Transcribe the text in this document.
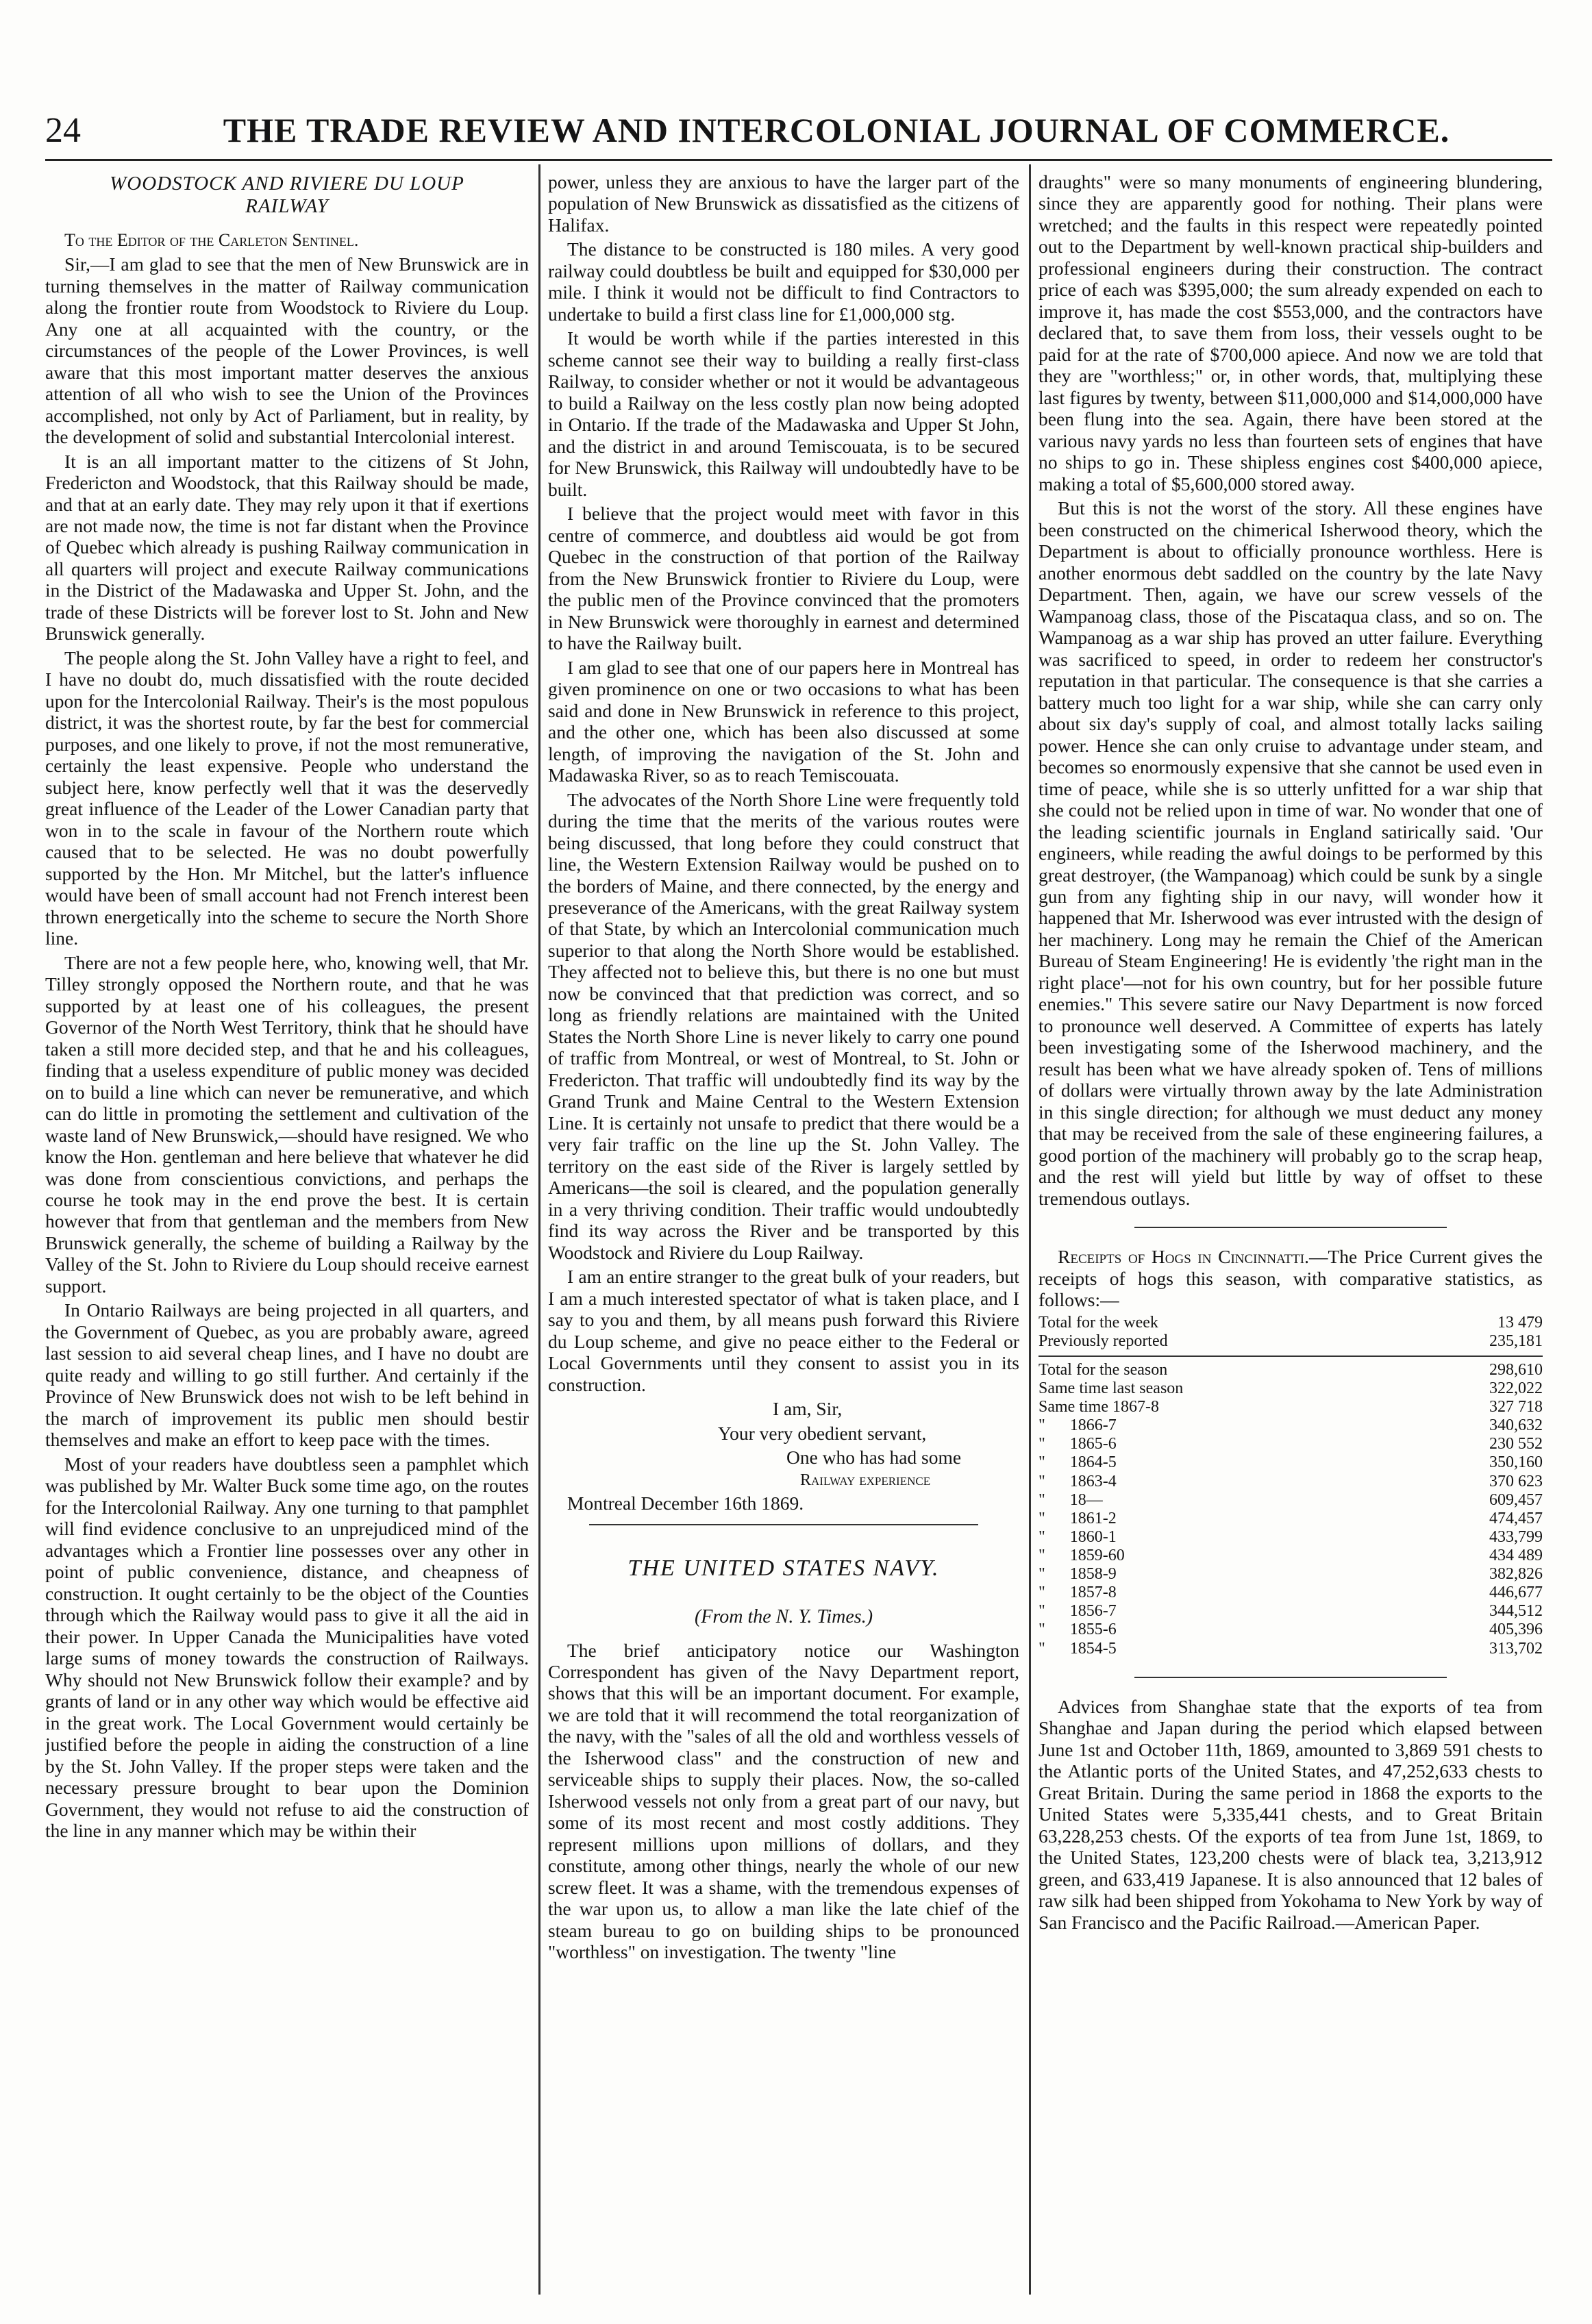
24	THE TRADE REVIEW AND INTERCOLONIAL JOURNAL OF COMMERCE.
WOODSTOCK AND RIVIERE DU LOUP
RAILWAY

To the Editor of the Carleton Sentinel.

Sir,—I am glad to see that the men of New Brunswick are in turning themselves in the matter of Railway communication along the frontier route from Woodstock to Riviere du Loup. Any one at all acquainted with the country, or the circumstances of the people of the Lower Provinces, is well aware that this most important matter deserves the anxious attention of all who wish to see the Union of the Provinces accomplished, not only by Act of Parliament, but in reality, by the development of solid and substantial Intercolonial interest.

It is an all important matter to the citizens of St John, Fredericton and Woodstock, that this Railway should be made, and that at an early date. They may rely upon it that if exertions are not made now, the time is not far distant when the Province of Quebec which already is pushing Railway communication in all quarters will project and execute Railway communications in the District of the Madawaska and Upper St. John, and the trade of these Districts will be forever lost to St. John and New Brunswick generally.

The people along the St. John Valley have a right to feel, and I have no doubt do, much dissatisfied with the route decided upon for the Intercolonial Railway. Their's is the most populous district, it was the shortest route, by far the best for commercial purposes, and one likely to prove, if not the most remunerative, certainly the least expensive. People who understand the subject here, know perfectly well that it was the deservedly great influence of the Leader of the Lower Canadian party that won in to the scale in favour of the Northern route which caused that to be selected. He was no doubt powerfully supported by the Hon. Mr Mitchel, but the latter's influence would have been of small account had not French interest been thrown energetically into the scheme to secure the North Shore line.

There are not a few people here, who, knowing well, that Mr. Tilley strongly opposed the Northern route, and that he was supported by at least one of his colleagues, the present Governor of the North West Territory, think that he should have taken a still more decided step, and that he and his colleagues, finding that a useless expenditure of public money was decided on to build a line which can never be remunerative, and which can do little in promoting the settlement and cultivation of the waste land of New Brunswick,—should have resigned. We who know the Hon. gentleman and here believe that whatever he did was done from conscientious convictions, and perhaps the course he took may in the end prove the best. It is certain however that from that gentleman and the members from New Brunswick generally, the scheme of building a Railway by the Valley of the St. John to Riviere du Loup should receive earnest support.

In Ontario Railways are being projected in all quarters, and the Government of Quebec, as you are probably aware, agreed last session to aid several cheap lines, and I have no doubt are quite ready and willing to go still further. And certainly if the Province of New Brunswick does not wish to be left behind in the march of improvement its public men should bestir themselves and make an effort to keep pace with the times.

Most of your readers have doubtless seen a pamphlet which was published by Mr. Walter Buck some time ago, on the routes for the Intercolonial Railway. Any one turning to that pamphlet will find evidence conclusive to an unprejudiced mind of the advantages which a Frontier line possesses over any other in point of public convenience, distance, and cheapness of construction. It ought certainly to be the object of the Counties through which the Railway would pass to give it all the aid in their power. In Upper Canada the Municipalities have voted large sums of money towards the construction of Railways. Why should not New Brunswick follow their example? and by grants of land or in any other way which would be effective aid in the great work. The Local Government would certainly be justified before the people in aiding the construction of a line by the St. John Valley. If the proper steps were taken and the necessary pressure brought to bear upon the Dominion Government, they would not refuse to aid the construction of the line in any manner which may be within their

power, unless they are anxious to have the larger part of the population of New Brunswick as dissatisfied as the citizens of Halifax.

The distance to be constructed is 180 miles. A very good railway could doubtless be built and equipped for $30,000 per mile. I think it would not be difficult to find Contractors to undertake to build a first class line for £1,000,000 stg.

It would be worth while if the parties interested in this scheme cannot see their way to building a really first-class Railway, to consider whether or not it would be advantageous to build a Railway on the less costly plan now being adopted in Ontario. If the trade of the Madawaska and Upper St John, and the district in and around Temiscouata, is to be secured for New Brunswick, this Railway will undoubtedly have to be built.

I believe that the project would meet with favor in this centre of commerce, and doubtless aid would be got from Quebec in the construction of that portion of the Railway from the New Brunswick frontier to Riviere du Loup, were the public men of the Province convinced that the promoters in New Brunswick were thoroughly in earnest and determined to have the Railway built.

I am glad to see that one of our papers here in Montreal has given prominence on one or two occasions to what has been said and done in New Brunswick in reference to this project, and the other one, which has been also discussed at some length, of improving the navigation of the St. John and Madawaska River, so as to reach Temiscouata.

The advocates of the North Shore Line were frequently told during the time that the merits of the various routes were being discussed, that long before they could construct that line, the Western Extension Railway would be pushed on to the borders of Maine, and there connected, by the energy and preseverance of the Americans, with the great Railway system of that State, by which an Intercolonial communication much superior to that along the North Shore would be established. They affected not to believe this, but there is no one but must now be convinced that that prediction was correct, and so long as friendly relations are maintained with the United States the North Shore Line is never likely to carry one pound of traffic from Montreal, or west of Montreal, to St. John or Fredericton. That traffic will undoubtedly find its way by the Grand Trunk and Maine Central to the Western Extension Line. It is certainly not unsafe to predict that there would be a very fair traffic on the line up the St. John Valley. The territory on the east side of the River is largely settled by Americans—the soil is cleared, and the population generally in a very thriving condition. Their traffic would undoubtedly find its way across the River and be transported by this Woodstock and Riviere du Loup Railway.

I am an entire stranger to the great bulk of your readers, but I am a much interested spectator of what is taken place, and I say to you and them, by all means push forward this Riviere du Loup scheme, and give no peace either to the Federal or Local Governments until they consent to assist you in its construction.

I am, Sir,

Your very obedient servant,

One who has had some

Railway experience

Montreal December 16th 1869.

THE UNITED STATES NAVY.
(From the N. Y. Times.)

The brief anticipatory notice our Washington Correspondent has given of the Navy Department report, shows that this will be an important document. For example, we are told that it will recommend the total reorganization of the navy, with the "sales of all the old and worthless vessels of the Isherwood class" and the construction of new and serviceable ships to supply their places. Now, the so-called Isherwood vessels not only from a great part of our navy, but some of its most recent and most costly additions. They represent millions upon millions of dollars, and they constitute, among other things, nearly the whole of our new screw fleet. It was a shame, with the tremendous expenses of the war upon us, to allow a man like the late chief of the steam bureau to go on building ships to be pronounced "worthless" on investigation. The twenty "line

draughts" were so many monuments of engineering blundering, since they are apparently good for nothing. Their plans were wretched; and the faults in this respect were repeatedly pointed out to the Department by well-known practical ship-builders and professional engineers during their construction. The contract price of each was $395,000; the sum already expended on each to improve it, has made the cost $553,000, and the contractors have declared that, to save them from loss, their vessels ought to be paid for at the rate of $700,000 apiece. And now we are told that they are "worthless;" or, in other words, that, multiplying these last figures by twenty, between $11,000,000 and $14,000,000 have been flung into the sea. Again, there have been stored at the various navy yards no less than fourteen sets of engines that have no ships to go in. These shipless engines cost $400,000 apiece, making a total of $5,600,000 stored away.

But this is not the worst of the story. All these engines have been constructed on the chimerical Isherwood theory, which the Department is about to officially pronounce worthless. Here is another enormous debt saddled on the country by the late Navy Department. Then, again, we have our screw vessels of the Wampanoag class, those of the Piscataqua class, and so on. The Wampanoag as a war ship has proved an utter failure. Everything was sacrificed to speed, in order to redeem her constructor's reputation in that particular. The consequence is that she carries a battery much too light for a war ship, while she can carry only about six day's supply of coal, and almost totally lacks sailing power. Hence she can only cruise to advantage under steam, and becomes so enormously expensive that she cannot be used even in time of peace, while she is so utterly unfitted for a war ship that she could not be relied upon in time of war. No wonder that one of the leading scientific journals in England satirically said. 'Our engineers, while reading the awful doings to be performed by this great destroyer, (the Wampanoag) which could be sunk by a single gun from any fighting ship in our navy, will wonder how it happened that Mr. Isherwood was ever intrusted with the design of her machinery. Long may he remain the Chief of the American Bureau of Steam Engineering! He is evidently 'the right man in the right place'—not for his own country, but for her possible future enemies." This severe satire our Navy Department is now forced to pronounce well deserved. A Committee of experts has lately been investigating some of the Isherwood machinery, and the result has been what we have already spoken of. Tens of millions of dollars were virtually thrown away by the late Administration in this single direction; for although we must deduct any money that may be received from the sale of these engineering failures, a good portion of the machinery will probably go to the scrap heap, and the rest will yield but little by way of offset to these tremendous outlays.

Receipts of Hogs in Cincinnatti.—The Price Current gives the receipts of hogs this season, with comparative statistics, as follows:—

Total for the week		13 479
Previously reported		235,181
Total for the season		298,610
Same time last season		322,022
Same time 1867-8		327 718
"      1866-7		340,632
"      1865-6		230 552
"      1864-5		350,160
"      1863-4		370 623
"      18—		609,457
"      1861-2		474,457
"      1860-1		433,799
"      1859-60		434 489
"      1858-9		382,826
"      1857-8		446,677
"      1856-7		344,512
"      1855-6		405,396
"      1854-5		313,702

Advices from Shanghae state that the exports of tea from Shanghae and Japan during the period which elapsed between June 1st and October 11th, 1869, amounted to 3,869 591 chests to the Atlantic ports of the United States, and 47,252,633 chests to Great Britain. During the same period in 1868 the exports to the United States were 5,335,441 chests, and to Great Britain 63,228,253 chests. Of the exports of tea from June 1st, 1869, to the United States, 123,200 chests were of black tea, 3,213,912 green, and 633,419 Japanese. It is also announced that 12 bales of raw silk had been shipped from Yokohama to New York by way of San Francisco and the Pacific Railroad.—American Paper.
